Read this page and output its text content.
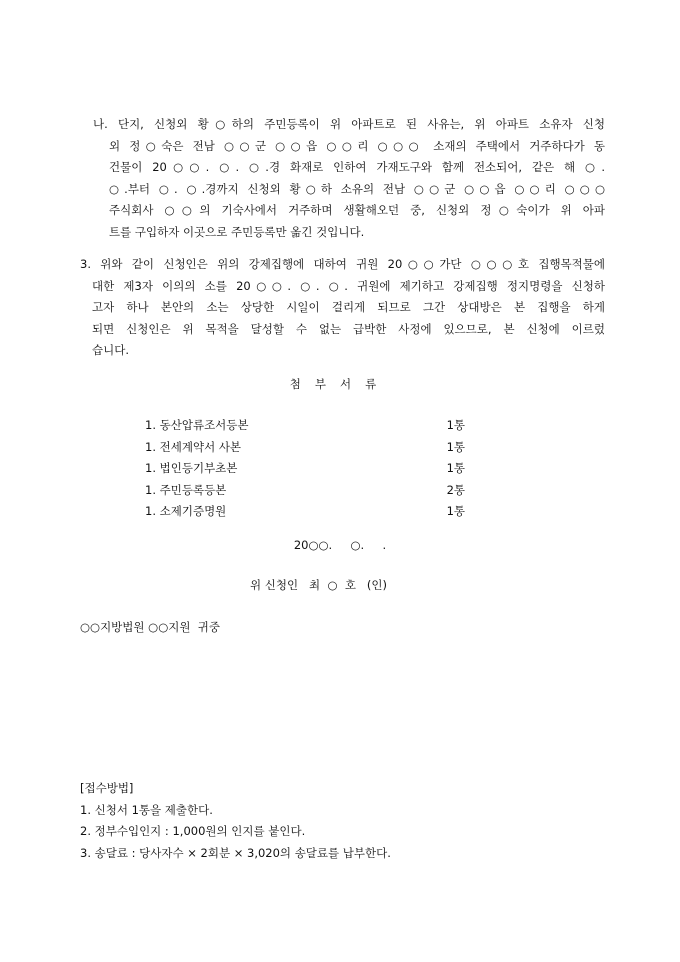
나. 단지, 신청외 황○하의 주민등록이 위 아파트로 된 사유는, 위 아파트 소유자 신청
외 정○숙은 전남 ○○군 ○○읍 ○○리 ○○○ 소재의 주택에서 거주하다가 동
건물이 20○○. ○. ○.경 화재로 인하여 가재도구와 함께 전소되어, 같은 해 ○.
○.부터 ○. ○.경까지 신청외 황○하 소유의 전남 ○○군 ○○읍 ○○리 ○○○
주식회사 ○○의 기숙사에서 거주하며 생활해오던 중, 신청외 정○숙이가 위 아파
트를 구입하자 이곳으로 주민등록만 옮긴 것입니다.
3. 위와 같이 신청인은 위의 강제집행에 대하여 귀원 20○○가단 ○○○호 집행목적물에
대한 제3자 이의의 소를 20○○. ○. ○. 귀원에 제기하고 강제집행 정지명령을 신청하
고자 하나 본안의 소는 상당한 시일이 걸리게 되므로 그간 상대방은 본 집행을 하게
되면 신청인은 위 목적을 달성할 수 없는 급박한 사정에 있으므로, 본 신청에 이르렀
습니다.
첨부서류
1. 동산압류조서등본	1통
1. 전세계약서 사본	1통
1. 법인등기부초본	1통
1. 주민등록등본	2통
1. 소제기증명원	1통
20○○.     ○.     .
위 신청인   최  ○  호   (인)
○○지방법원 ○○지원  귀중
[접수방법]
1. 신청서 1통을 제출한다.
2. 정부수입인지 : 1,000원의 인지를 붙인다.
3. 송달료 : 당사자수 × 2회분 × 3,020의 송달료를 납부한다.
